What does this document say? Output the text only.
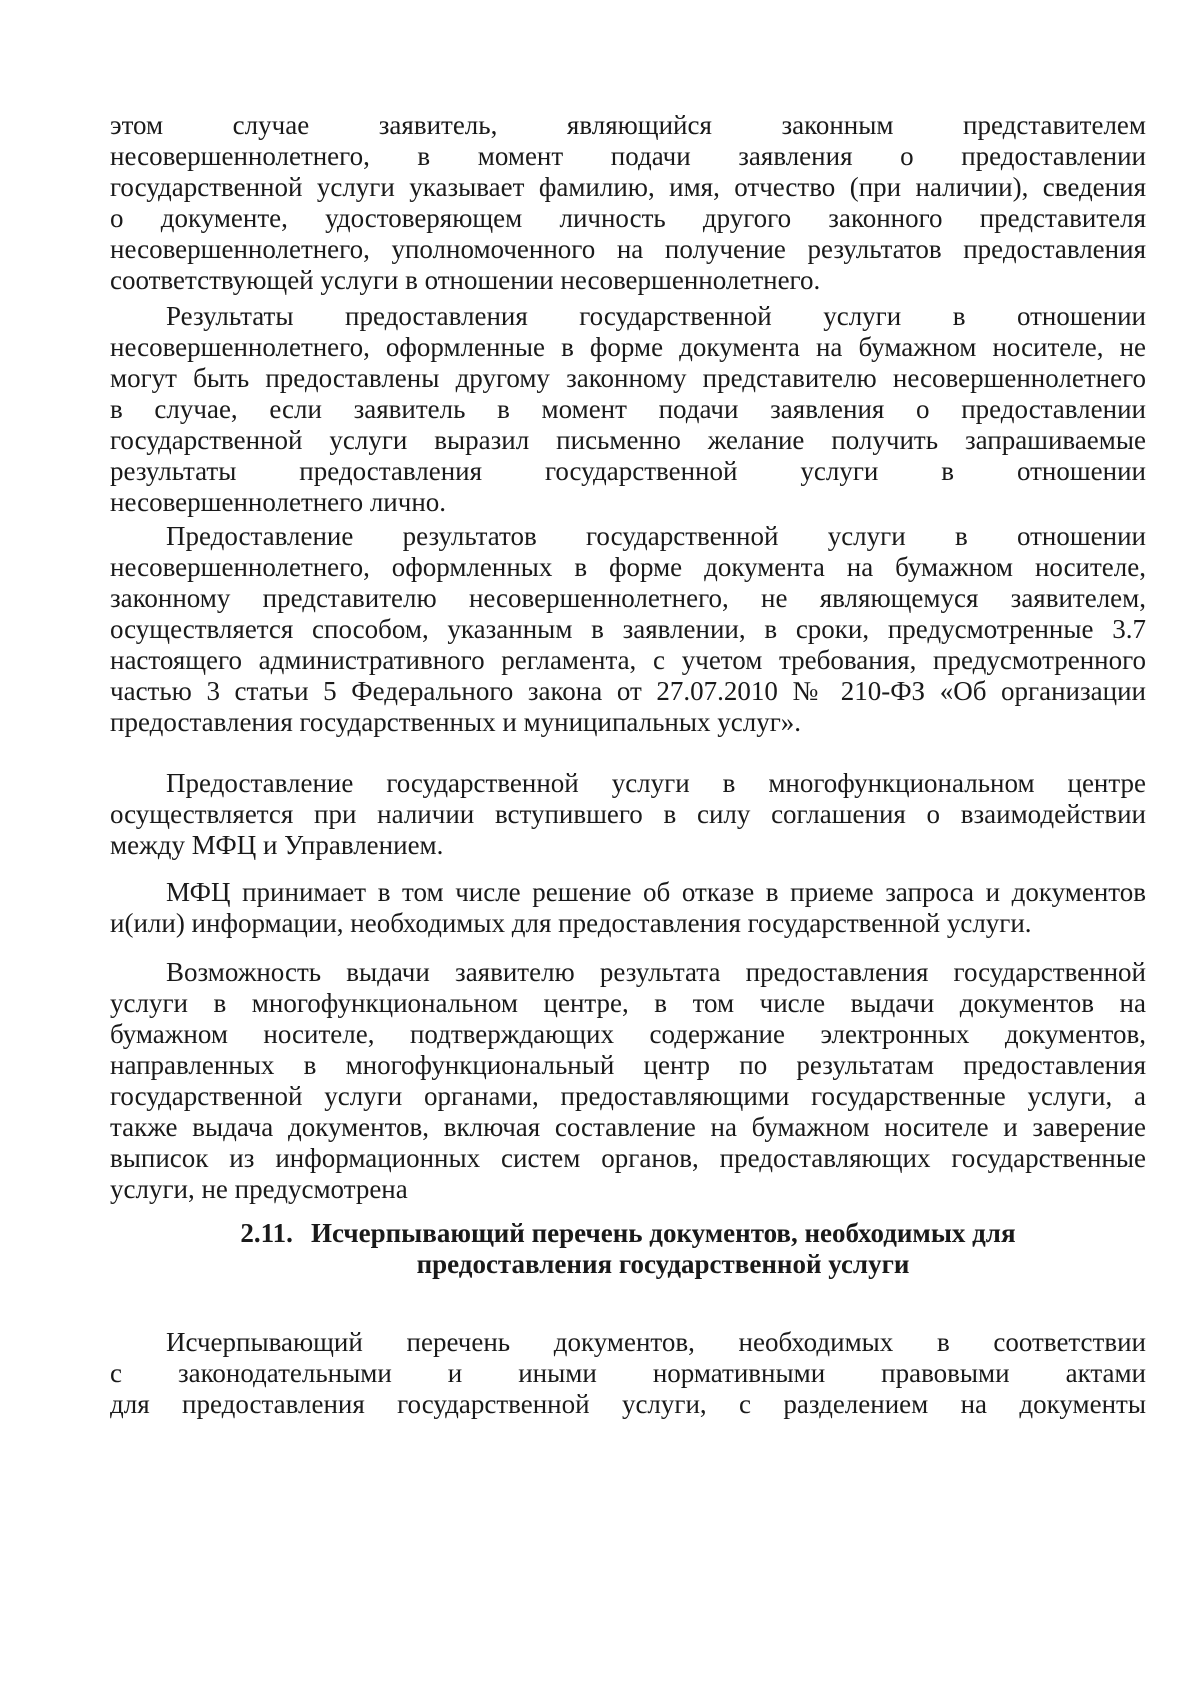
этом случае заявитель, являющийся законным представителем
несовершеннолетнего, в момент подачи заявления о предоставлении
государственной услуги указывает фамилию, имя, отчество (при наличии), сведения
о документе, удостоверяющем личность другого законного представителя
несовершеннолетнего, уполномоченного на получение результатов предоставления
соответствующей услуги в отношении несовершеннолетнего.
Результаты предоставления государственной услуги в отношении
несовершеннолетнего, оформленные в форме документа на бумажном носителе, не
могут быть предоставлены другому законному представителю несовершеннолетнего
в случае, если заявитель в момент подачи заявления о предоставлении
государственной услуги выразил письменно желание получить запрашиваемые
результаты предоставления государственной услуги в отношении
несовершеннолетнего лично.
Предоставление результатов государственной услуги в отношении
несовершеннолетнего, оформленных в форме документа на бумажном носителе,
законному представителю несовершеннолетнего, не являющемуся заявителем,
осуществляется способом, указанным в заявлении, в сроки, предусмотренные 3.7
настоящего административного регламента, с учетом требования, предусмотренного
частью 3 статьи 5 Федерального закона от 27.07.2010 № 210-ФЗ «Об организации
предоставления государственных и муниципальных услуг».
Предоставление государственной услуги в многофункциональном центре
осуществляется при наличии вступившего в силу соглашения о взаимодействии
между МФЦ и Управлением.
МФЦ принимает в том числе решение об отказе в приеме запроса и документов
и(или) информации, необходимых для предоставления государственной услуги.
Возможность выдачи заявителю результата предоставления государственной
услуги в многофункциональном центре, в том числе выдачи документов на
бумажном носителе, подтверждающих содержание электронных документов,
направленных в многофункциональный центр по результатам предоставления
государственной услуги органами, предоставляющими государственные услуги, а
также выдача документов, включая составление на бумажном носителе и заверение
выписок из информационных систем органов, предоставляющих государственные
услуги, не предусмотрена
2.11. Исчерпывающий перечень документов, необходимых для
предоставления государственной услуги
Исчерпывающий перечень документов, необходимых в соответствии
с законодательными и иными нормативными правовыми актами
для предоставления государственной услуги, с разделением на документы
